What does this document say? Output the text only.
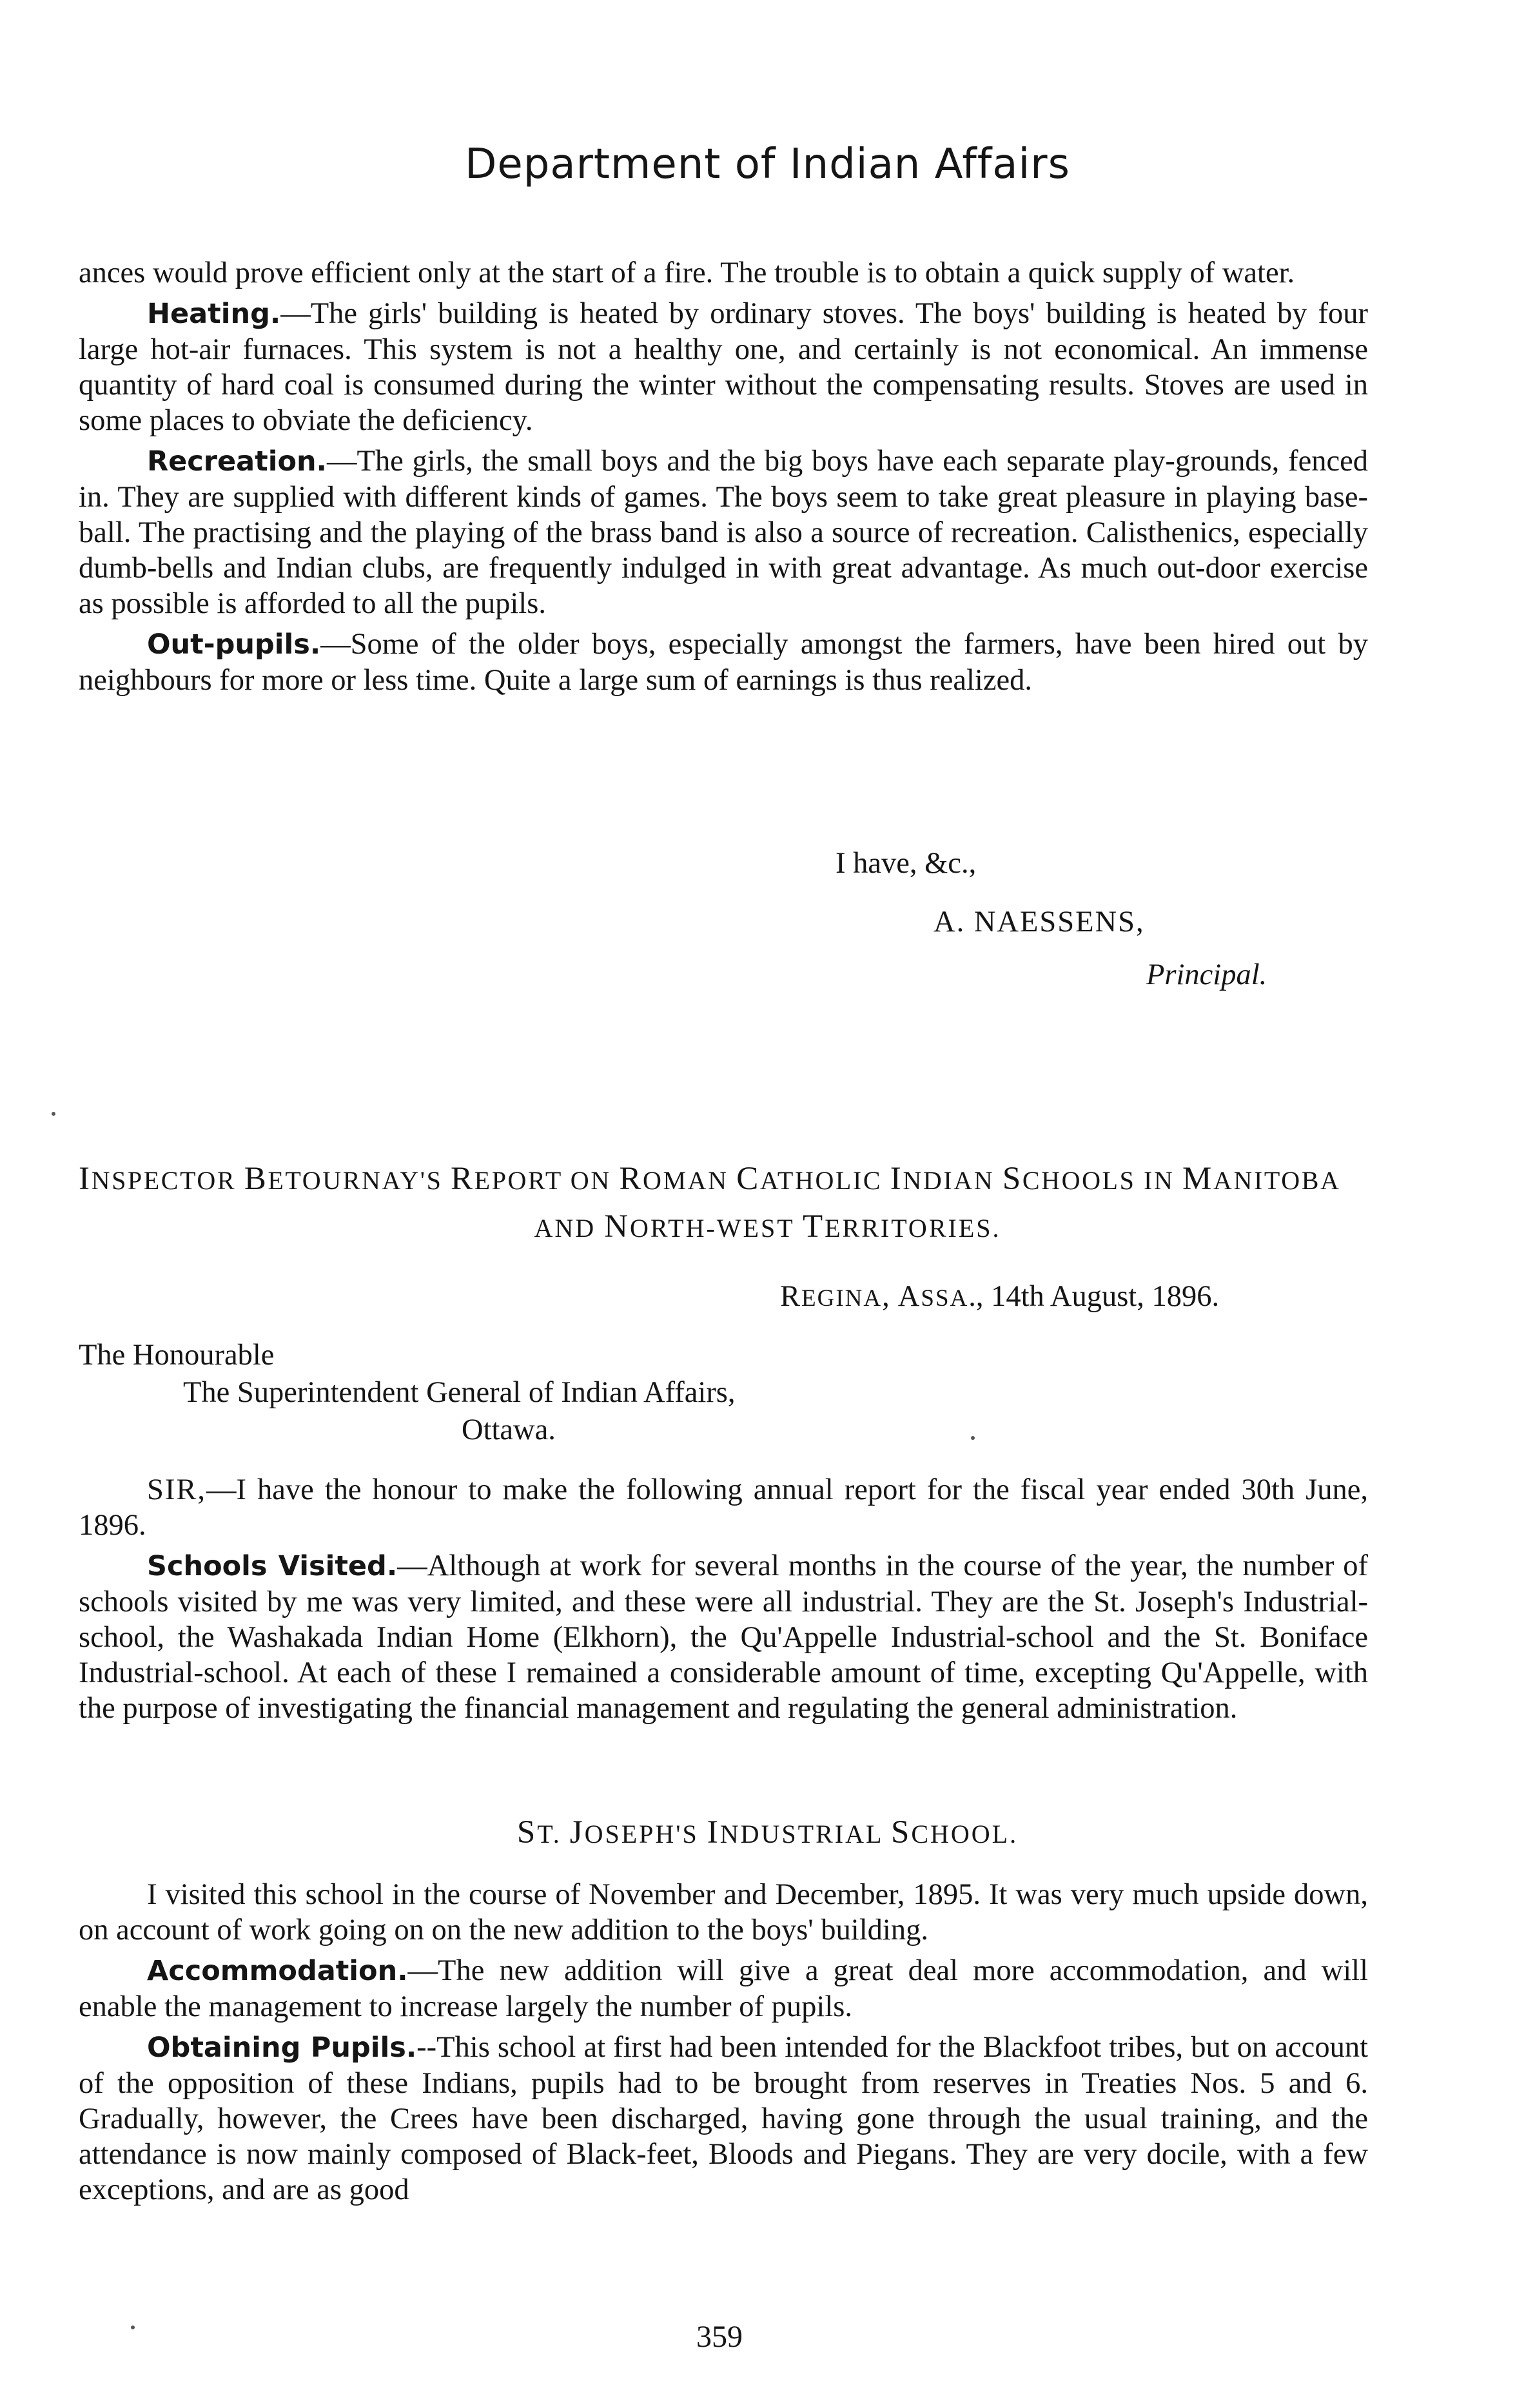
Department of Indian Affairs

ances would prove efficient only at the start of a fire. The trouble is to obtain a quick supply of water.

Heating.—The girls' building is heated by ordinary stoves. The boys' building is heated by four large hot-air furnaces. This system is not a healthy one, and certainly is not economical. An immense quantity of hard coal is consumed during the winter without the compensating results. Stoves are used in some places to obviate the deficiency.

Recreation.—The girls, the small boys and the big boys have each separate play-grounds, fenced in. They are supplied with different kinds of games. The boys seem to take great pleasure in playing base-ball. The practising and the playing of the brass band is also a source of recreation. Calisthenics, especially dumb-bells and Indian clubs, are frequently indulged in with great advantage. As much out-door exercise as possible is afforded to all the pupils.

Out-pupils.—Some of the older boys, especially amongst the farmers, have been hired out by neighbours for more or less time. Quite a large sum of earnings is thus realized.

I have, &c.,
A. NAESSENS,
Principal.
INSPECTOR BETOURNAY'S REPORT ON ROMAN CATHOLIC INDIAN SCHOOLS IN MANITOBA
AND NORTH-WEST TERRITORIES.
REGINA, ASSA., 14th August, 1896.
The Honourable
The Superintendent General of Indian Affairs,
Ottawa.

SIR,—I have the honour to make the following annual report for the fiscal year ended 30th June, 1896.

Schools Visited.—Although at work for several months in the course of the year, the number of schools visited by me was very limited, and these were all industrial. They are the St. Joseph's Industrial-school, the Washakada Indian Home (Elkhorn), the Qu'Appelle Industrial-school and the St. Boniface Industrial-school. At each of these I remained a considerable amount of time, excepting Qu'Appelle, with the purpose of investigating the financial management and regulating the general administration.

ST. JOSEPH'S INDUSTRIAL SCHOOL.

I visited this school in the course of November and December, 1895. It was very much upside down, on account of work going on on the new addition to the boys' building.

Accommodation.—The new addition will give a great deal more accommodation, and will enable the management to increase largely the number of pupils.

Obtaining Pupils.--This school at first had been intended for the Blackfoot tribes, but on account of the opposition of these Indians, pupils had to be brought from reserves in Treaties Nos. 5 and 6. Gradually, however, the Crees have been discharged, having gone through the usual training, and the attendance is now mainly composed of Black-feet, Bloods and Piegans. They are very docile, with a few exceptions, and are as good

359
